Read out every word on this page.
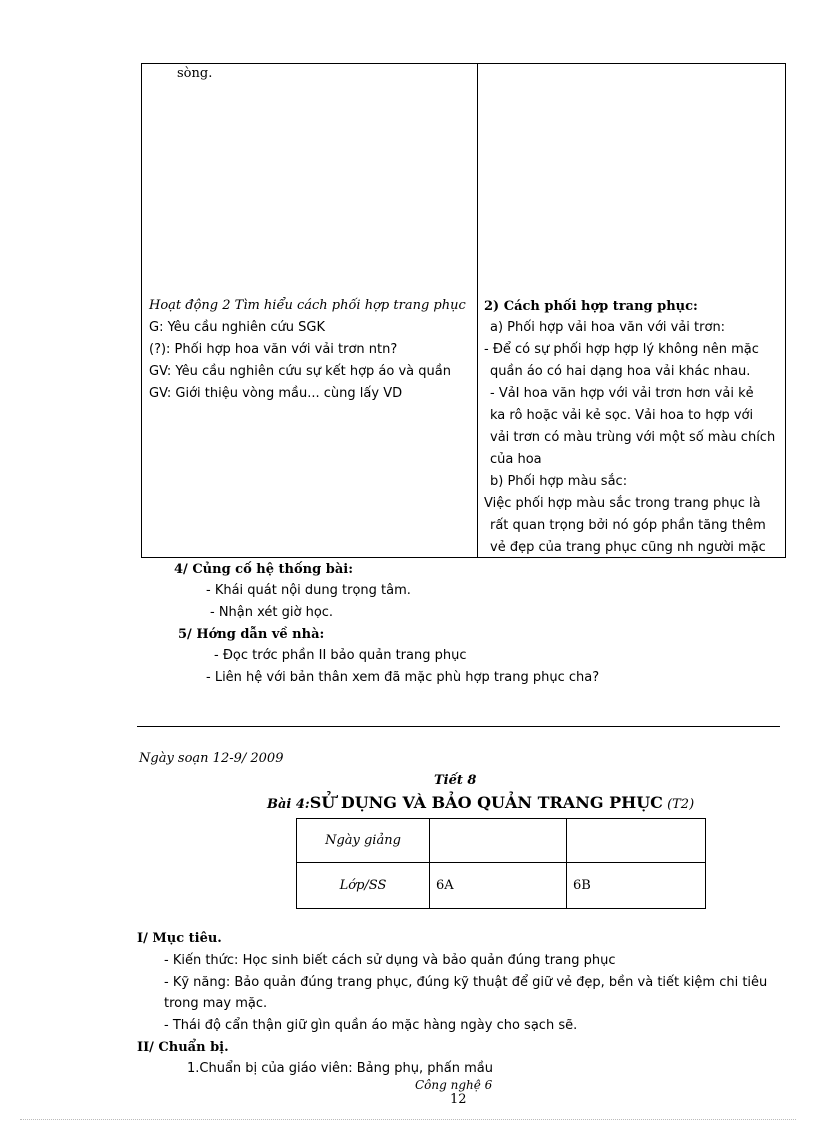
sòng.
Hoạt động 2 Tìm hiểu cách phối hợp trang phục
G: Yêu cầu nghiên cứu SGK
(?): Phối hợp hoa văn với vải trơn ntn?
GV: Yêu cầu nghiên cứu sự kết hợp áo và quần
GV: Giới thiệu vòng mầu... cùng lấy VD
2) Cách phối hợp trang phục:
a) Phối hợp vải hoa văn với vải trơn:
- Để có sự phối hợp hợp lý không nên mặc
quần áo có hai dạng hoa vải khác nhau.
- VảI hoa văn hợp với vải trơn hơn vải kẻ
ka rô hoặc vải kẻ sọc. Vải hoa to hợp với
vải trơn có màu trùng với một số màu chích
của hoa
b) Phối hợp màu sắc:
Việc phối hợp màu sắc trong trang phục là
rất quan trọng bởi nó góp phần tăng thêm
vẻ đẹp của trang phục cũng nh người mặc
4/ Củng cố hệ thống bài:
- Khái quát nội dung trọng tâm.
- Nhận xét giờ học.
5/ Hớng dẫn về nhà:
- Đọc trớc phần II bảo quản trang phục
- Liên hệ với bản thân xem đã mặc phù hợp trang phục cha?
Ngày soạn 12-9/ 2009
Tiết 8
Bài 4:SỬ DỤNG VÀ BẢO QUẢN TRANG PHỤC (T2)
Ngày giảng		
Lớp/SS	6A	6B
I/ Mục tiêu.
- Kiến thức: Học sinh biết cách sử dụng và bảo quản đúng trang phục
- Kỹ năng: Bảo quản đúng trang phục, đúng kỹ thuật để giữ vẻ đẹp, bền và tiết kiệm chi tiêu
trong may mặc.
- Thái độ cẩn thận giữ gìn quần áo mặc hàng ngày cho sạch sẽ.
II/ Chuẩn bị.
1.Chuẩn bị của giáo viên: Bảng phụ, phấn mầu
Công nghệ 6
12
